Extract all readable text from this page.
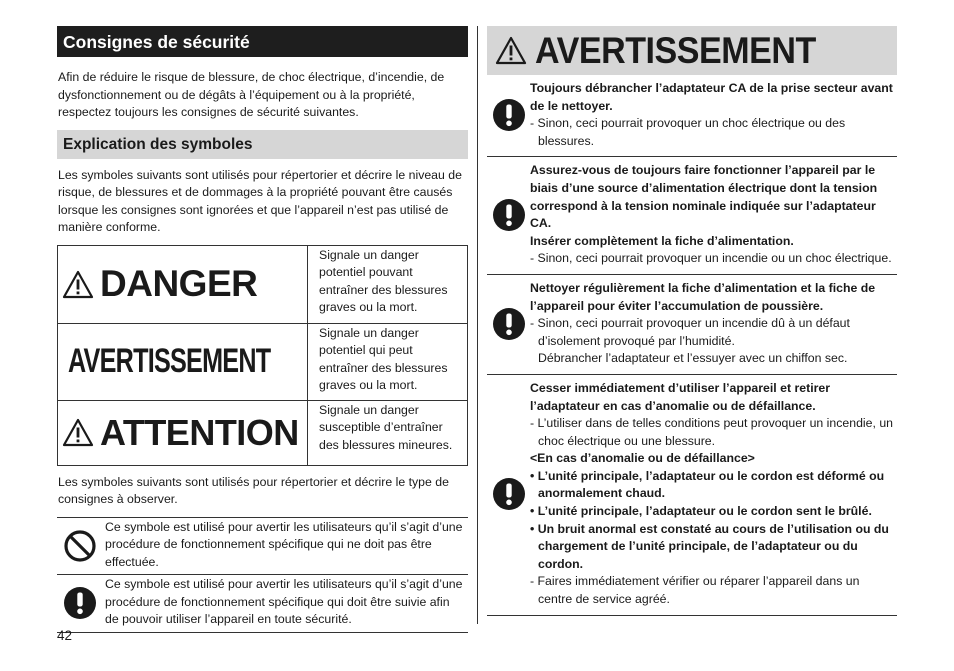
Consignes de sécurité
Afin de réduire le risque de blessure, de choc électrique, d’incendie, de dysfonctionnement ou de dégâts à l’équipement ou à la propriété, respectez toujours les consignes de sécurité suivantes.
Explication des symboles
Les symboles suivants sont utilisés pour répertorier et décrire le niveau de risque, de blessures et de dommages à la propriété pouvant être causés lorsque les consignes sont ignorées et que l’appareil n’est pas utilisé de manière conforme.
DANGER
Signale un danger potentiel pouvant entraîner des blessures graves ou la mort.
AVERTISSEMENT
Signale un danger potentiel qui peut entraîner des blessures graves ou la mort.
ATTENTION
Signale un danger susceptible d’entraîner des blessures mineures.
Les symboles suivants sont utilisés pour répertorier et décrire le type de consignes à observer.
Ce symbole est utilisé pour avertir les utilisateurs qu’il s’agit d’une procédure de fonctionnement spécifique qui ne doit pas être effectuée.
Ce symbole est utilisé pour avertir les utilisateurs qu’il s’agit d’une procédure de fonctionnement spécifique qui doit être suivie afin de pouvoir utiliser l’appareil en toute sécurité.
42
AVERTISSEMENT
Toujours débrancher l’adaptateur CA de la prise secteur avant de le nettoyer.
- Sinon, ceci pourrait provoquer un choc électrique ou des blessures.
Assurez-vous de toujours faire fonctionner l’appareil par le biais d’une source d’alimentation électrique dont la tension correspond à la tension nominale indiquée sur l’adaptateur CA.
Insérer complètement la fiche d’alimentation.
- Sinon, ceci pourrait provoquer un incendie ou un choc électrique.
Nettoyer régulièrement la fiche d’alimentation et la fiche de l’appareil pour éviter l’accumulation de poussière.
- Sinon, ceci pourrait provoquer un incendie dû à un défaut d’isolement provoqué par l’humidité.
Débrancher l’adaptateur et l’essuyer avec un chiffon sec.
Cesser immédiatement d’utiliser l’appareil et retirer l’adaptateur en cas d’anomalie ou de défaillance.
- L’utiliser dans de telles conditions peut provoquer un incendie, un choc électrique ou une blessure.
<En cas d’anomalie ou de défaillance>
• L’unité principale, l’adaptateur ou le cordon est déformé ou anormalement chaud.
• L’unité principale, l’adaptateur ou le cordon sent le brûlé.
• Un bruit anormal est constaté au cours de l’utilisation ou du chargement de l’unité principale, de l’adaptateur ou du cordon.
- Faires immédiatement vérifier ou réparer l’appareil dans un centre de service agréé.
